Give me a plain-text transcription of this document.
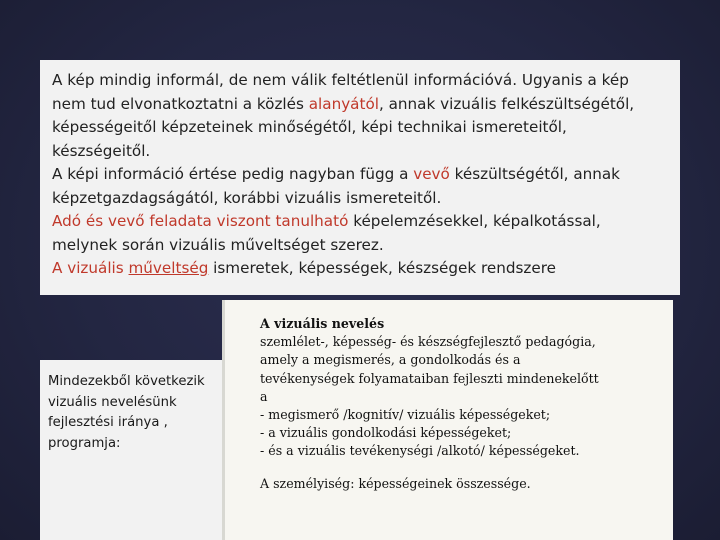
A kép mindig informál, de nem válik feltétlenül információvá. Ugyanis a kép
nem tud elvonatkoztatni a közlés alanyától, annak vizuális felkészültségétől,
képességeitől képzeteinek minőségétől, képi technikai ismereteitől,
készségeitől.
A képi információ értése pedig nagyban függ a vevő készültségétől, annak
képzetgazdagságától, korábbi vizuális ismereteitől.
Adó és vevő feladata viszont tanulható képelemzésekkel, képalkotással,
melynek során vizuális műveltséget szerez.
A vizuális műveltség ismeretek, képességek, készségek rendszere
Mindezekből következik
vizuális nevelésünk
fejlesztési iránya ,
programja:
A vizuális nevelés
szemlélet-, képesség- és készségfejlesztő pedagógia,
amely a megismerés, a gondolkodás és a
tevékenységek folyamataiban fejleszti mindenekelőtt
a
- megismerő /kognitív/ vizuális képességeket;
- a vizuális gondolkodási képességeket;
- és a vizuális tevékenységi /alkotó/ képességeket.
A személyiség: képességeinek összessége.
